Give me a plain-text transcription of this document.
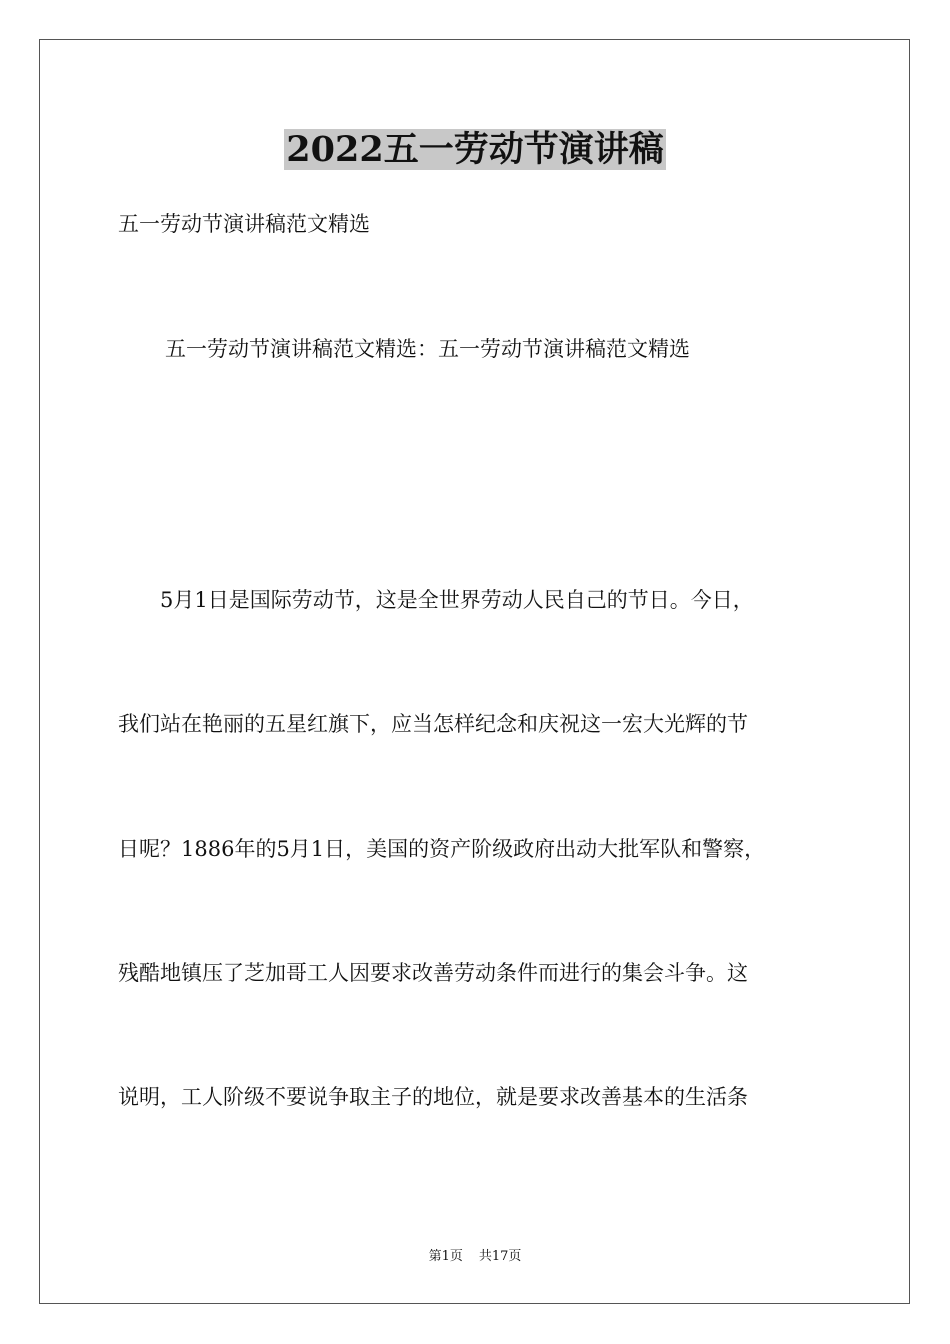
2022五一劳动节演讲稿
五一劳动节演讲稿范文精选
五一劳动节演讲稿范文精选：五一劳动节演讲稿范文精选
5月1日是国际劳动节，这是全世界劳动人民自己的节日。今日，
我们站在艳丽的五星红旗下，应当怎样纪念和庆祝这一宏大光辉的节
日呢？1886年的5月1日，美国的资产阶级政府出动大批军队和警察，
残酷地镇压了芝加哥工人因要求改善劳动条件而进行的集会斗争。这
说明，工人阶级不要说争取主子的地位，就是要求改善基本的生活条
第1页 共17页
